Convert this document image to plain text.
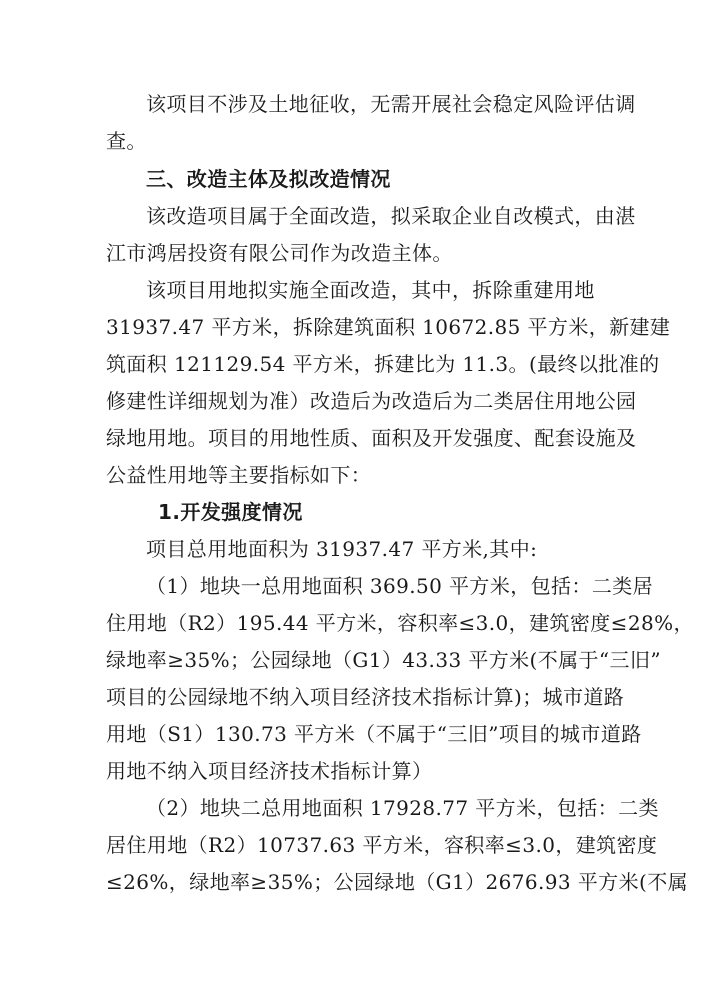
该项目不涉及土地征收，无需开展社会稳定风险评估调
查。
三、改造主体及拟改造情况
该改造项目属于全面改造，拟采取企业自改模式，由湛
江市鸿居投资有限公司作为改造主体。
该项目用地拟实施全面改造，其中，拆除重建用地
31937.47 平方米，拆除建筑面积 10672.85 平方米，新建建
筑面积 121129.54 平方米，拆建比为 11.3。(最终以批准的
修建性详细规划为准）改造后为改造后为二类居住用地公园
绿地用地。项目的用地性质、面积及开发强度、配套设施及
公益性用地等主要指标如下：
1.开发强度情况
项目总用地面积为 31937.47 平方米,其中:
（1）地块一总用地面积 369.50 平方米，包括：二类居
住用地（R2）195.44 平方米，容积率≤3.0，建筑密度≤28%，
绿地率≥35%；公园绿地（G1）43.33 平方米(不属于“三旧”
项目的公园绿地不纳入项目经济技术指标计算)；城市道路
用地（S1）130.73 平方米（不属于“三旧”项目的城市道路
用地不纳入项目经济技术指标计算）
（2）地块二总用地面积 17928.77 平方米，包括：二类
居住用地（R2）10737.63 平方米，容积率≤3.0，建筑密度
≤26%，绿地率≥35%；公园绿地（G1）2676.93 平方米(不属
